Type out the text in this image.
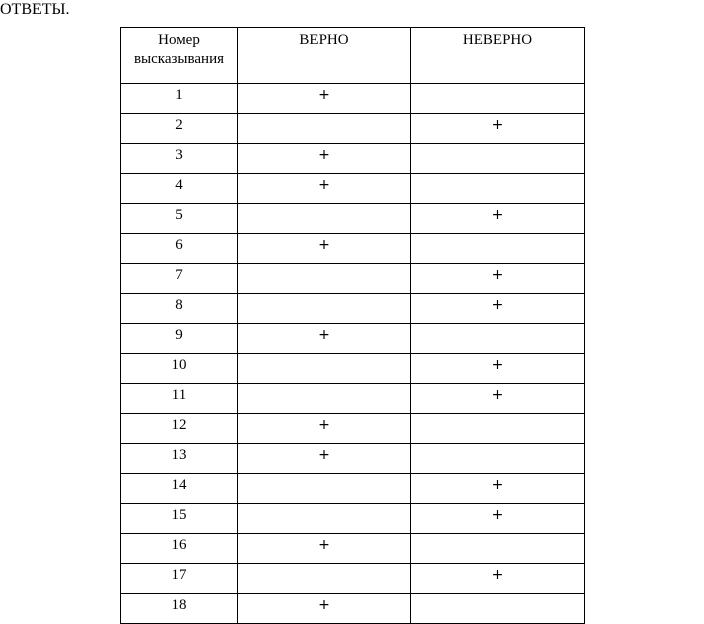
ОТВЕТЫ.
Номер
высказывания	ВЕРНО	НЕВЕРНО
1	+	
2		+
3	+	
4	+	
5		+
6	+	
7		+
8		+
9	+	
10		+
11		+
12	+	
13	+	
14		+
15		+
16	+	
17		+
18	+	
